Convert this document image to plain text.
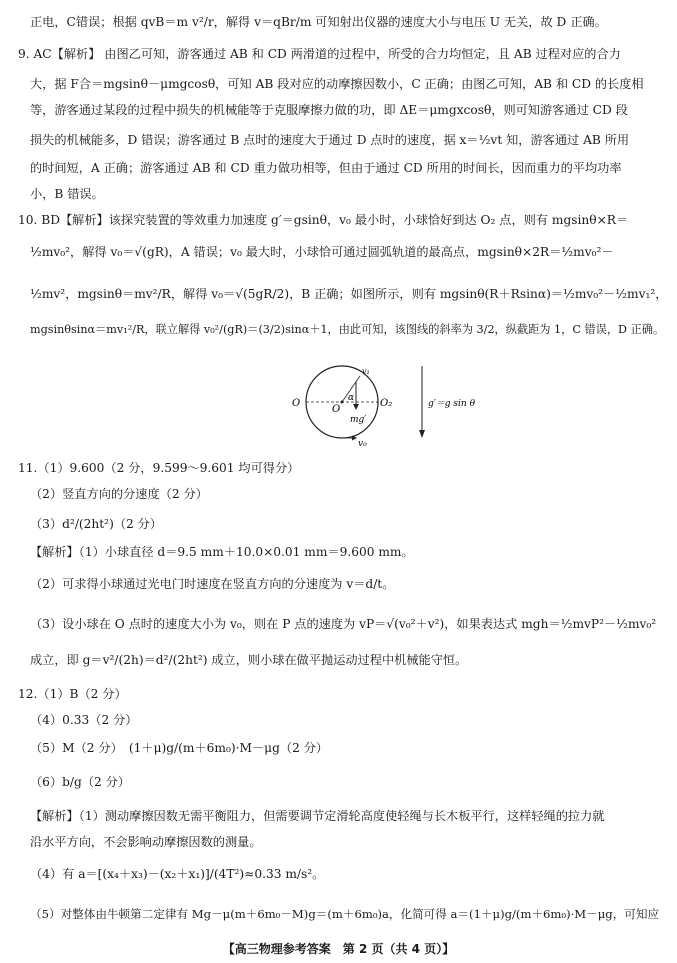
正电，C错误；根据 qvB＝m v²/r，解得 v＝qBr/m 可知射出仪器的速度大小与电压 U 无关，故 D 正确。
9. AC【解析】 由图乙可知，游客通过 AB 和 CD 两滑道的过程中，所受的合力均恒定，且 AB 过程对应的合力
大，据 F合＝mgsinθ－μmgcosθ，可知 AB 段对应的动摩擦因数小，C 正确；由图乙可知，AB 和 CD 的长度相
等，游客通过某段的过程中损失的机械能等于克服摩擦力做的功，即 ΔE＝μmgxcosθ，则可知游客通过 CD 段
损失的机械能多，D 错误；游客通过 B 点时的速度大于通过 D 点时的速度，据 x＝½vt 知，游客通过 AB 所用
的时间短，A 正确；游客通过 AB 和 CD 重力做功相等，但由于通过 CD 所用的时间长，因而重力的平均功率
小，B 错误。
10. BD【解析】该探究装置的等效重力加速度 g′＝gsinθ，v₀ 最小时，小球恰好到达 O₂ 点，则有 mgsinθ×R＝
½mv₀²，解得 v₀＝√(gR)，A 错误；v₀ 最大时，小球恰可通过圆弧轨道的最高点，mgsinθ×2R＝½mv₀²－
½mv²，mgsinθ＝mv²/R，解得 v₀＝√(5gR/2)，B 正确；如图所示，则有 mgsinθ(R＋Rsinα)＝½mv₀²－½mv₁²，
mgsinθsinα＝mv₁²/R，联立解得 v₀²/(gR)＝(3/2)sinα＋1，由此可知，该图线的斜率为 3/2，纵截距为 1，C 错误，D 正确。
O
O
O₂
α
mg′
v₀
v₁
g′＝g sin θ
11.（1）9.600（2 分，9.599～9.601 均可得分）
（2）竖直方向的分速度（2 分）
（3）d²/(2ht²)（2 分）
【解析】（1）小球直径 d＝9.5 mm＋10.0×0.01 mm＝9.600 mm。
（2）可求得小球通过光电门时速度在竖直方向的分速度为 v＝d/t。
（3）设小球在 O 点时的速度大小为 v₀，则在 P 点的速度为 vP＝√(v₀²＋v²)，如果表达式 mgh＝½mvP²－½mv₀²
成立，即 g＝v²/(2h)＝d²/(2ht²) 成立，则小球在做平抛运动过程中机械能守恒。
12.（1）B（2 分）
（4）0.33（2 分）
（5）M（2 分）　(1＋μ)g/(m＋6m₀)·M－μg（2 分）
（6）b/g（2 分）
【解析】（1）测动摩擦因数无需平衡阻力，但需要调节定滑轮高度使轻绳与长木板平行，这样轻绳的拉力就
沿水平方向，不会影响动摩擦因数的测量。
（4）有 a＝[(x₄＋x₃)－(x₂＋x₁)]/(4T²)≈0.33 m/s²。
（5）对整体由牛顿第二定律有 Mg－μ(m＋6m₀－M)g＝(m＋6m₀)a，化简可得 a＝(1＋μ)g/(m＋6m₀)·M－μg，可知应
【高三物理参考答案　第 2 页（共 4 页）】
